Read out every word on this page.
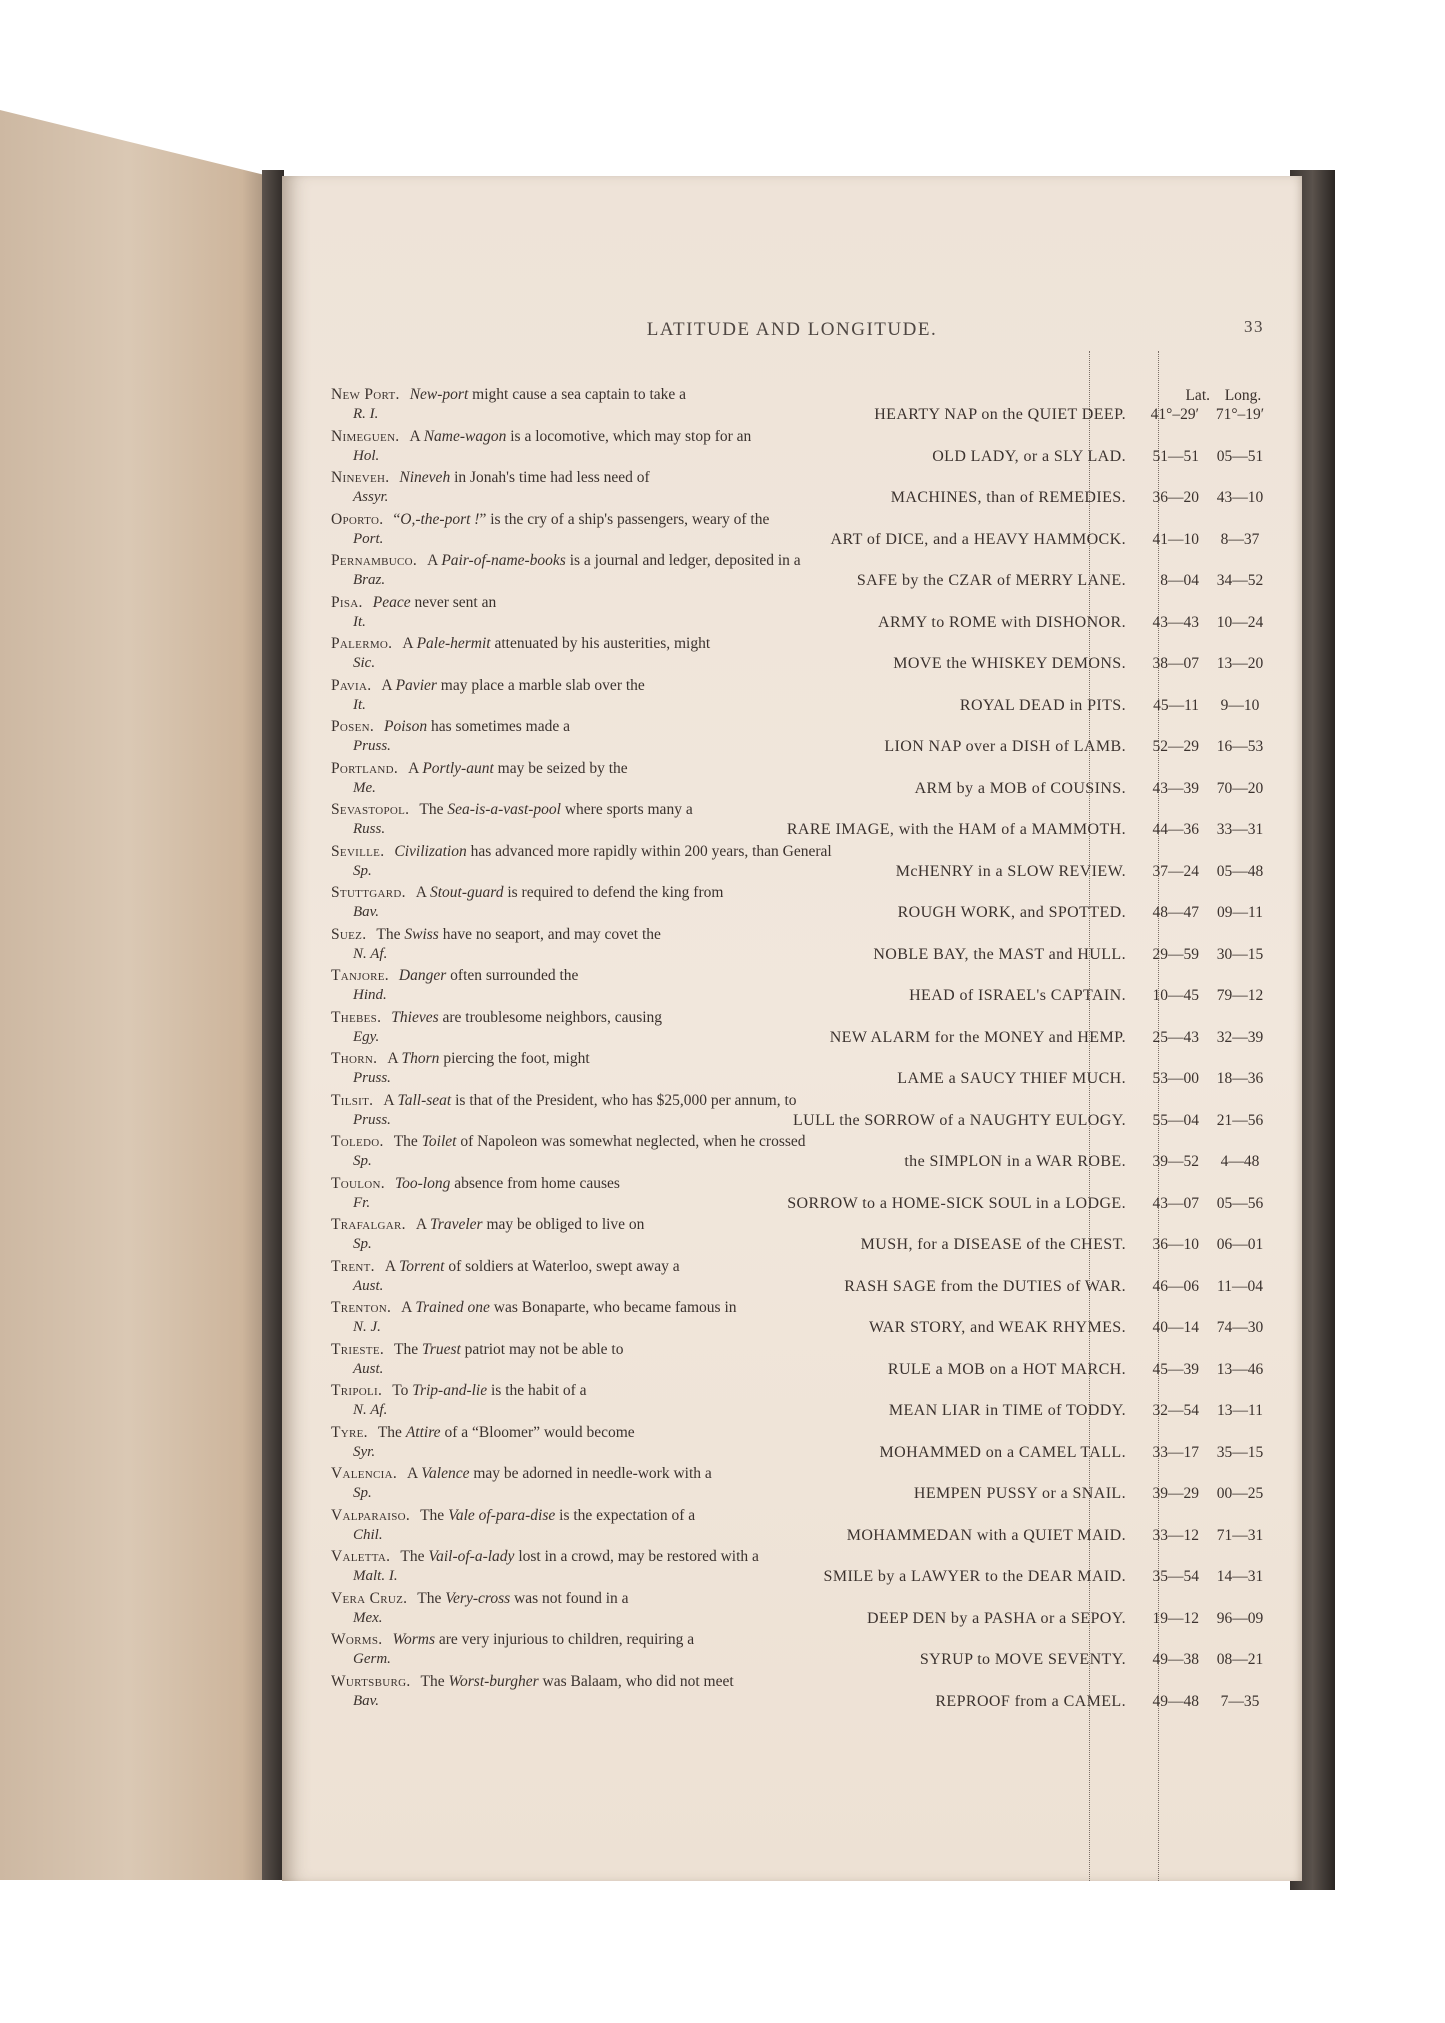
LATITUDE AND LONGITUDE.	33
Lat. Long.
New Port. New-port might cause a sea captain to take a
R. I.	HEARTY NAP on the QUIET DEEP.	41°–29′	71°–19′
Nimeguen. A Name-wagon is a locomotive, which may stop for an
Hol.	OLD LADY, or a SLY LAD.	51—51	05—51
Nineveh. Nineveh in Jonah's time had less need of
Assyr.	MACHINES, than of REMEDIES.	36—20	43—10
Oporto. “O,-the-port !” is the cry of a ship's passengers, weary of the
Port.	ART of DICE, and a HEAVY HAMMOCK.	41—10	8—37
Pernambuco. A Pair-of-name-books is a journal and ledger, deposited in a
Braz.	SAFE by the CZAR of MERRY LANE.	8—04	34—52
Pisa. Peace never sent an
It.	ARMY to ROME with DISHONOR.	43—43	10—24
Palermo. A Pale-hermit attenuated by his austerities, might
Sic.	MOVE the WHISKEY DEMONS.	38—07	13—20
Pavia. A Pavier may place a marble slab over the
It.	ROYAL DEAD in PITS.	45—11	9—10
Posen. Poison has sometimes made a
Pruss.	LION NAP over a DISH of LAMB.	52—29	16—53
Portland. A Portly-aunt may be seized by the
Me.	ARM by a MOB of COUSINS.	43—39	70—20
Sevastopol. The Sea-is-a-vast-pool where sports many a
Russ.	RARE IMAGE, with the HAM of a MAMMOTH.	44—36	33—31
Seville. Civilization has advanced more rapidly within 200 years, than General
Sp.	McHENRY in a SLOW REVIEW.	37—24	05—48
Stuttgard. A Stout-guard is required to defend the king from
Bav.	ROUGH WORK, and SPOTTED.	48—47	09—11
Suez. The Swiss have no seaport, and may covet the
N. Af.	NOBLE BAY, the MAST and HULL.	29—59	30—15
Tanjore. Danger often surrounded the
Hind.	HEAD of ISRAEL's CAPTAIN.	10—45	79—12
Thebes. Thieves are troublesome neighbors, causing
Egy.	NEW ALARM for the MONEY and HEMP.	25—43	32—39
Thorn. A Thorn piercing the foot, might
Pruss.	LAME a SAUCY THIEF MUCH.	53—00	18—36
Tilsit. A Tall-seat is that of the President, who has $25,000 per annum, to
Pruss.	LULL the SORROW of a NAUGHTY EULOGY.	55—04	21—56
Toledo. The Toilet of Napoleon was somewhat neglected, when he crossed
Sp.	the SIMPLON in a WAR ROBE.	39—52	4—48
Toulon. Too-long absence from home causes
Fr.	SORROW to a HOME-SICK SOUL in a LODGE.	43—07	05—56
Trafalgar. A Traveler may be obliged to live on
Sp.	MUSH, for a DISEASE of the CHEST.	36—10	06—01
Trent. A Torrent of soldiers at Waterloo, swept away a
Aust.	RASH SAGE from the DUTIES of WAR.	46—06	11—04
Trenton. A Trained one was Bonaparte, who became famous in
N. J.	WAR STORY, and WEAK RHYMES.	40—14	74—30
Trieste. The Truest patriot may not be able to
Aust.	RULE a MOB on a HOT MARCH.	45—39	13—46
Tripoli. To Trip-and-lie is the habit of a
N. Af.	MEAN LIAR in TIME of TODDY.	32—54	13—11
Tyre. The Attire of a “Bloomer” would become
Syr.	MOHAMMED on a CAMEL TALL.	33—17	35—15
Valencia. A Valence may be adorned in needle-work with a
Sp.	HEMPEN PUSSY or a SNAIL.	39—29	00—25
Valparaiso. The Vale of-para-dise is the expectation of a
Chil.	MOHAMMEDAN with a QUIET MAID.	33—12	71—31
Valetta. The Vail-of-a-lady lost in a crowd, may be restored with a
Malt. I.	SMILE by a LAWYER to the DEAR MAID.	35—54	14—31
Vera Cruz. The Very-cross was not found in a
Mex.	DEEP DEN by a PASHA or a SEPOY.	19—12	96—09
Worms. Worms are very injurious to children, requiring a
Germ.	SYRUP to MOVE SEVENTY.	49—38	08—21
Wurtsburg. The Worst-burgher was Balaam, who did not meet
Bav.	REPROOF from a CAMEL.	49—48	7—35
